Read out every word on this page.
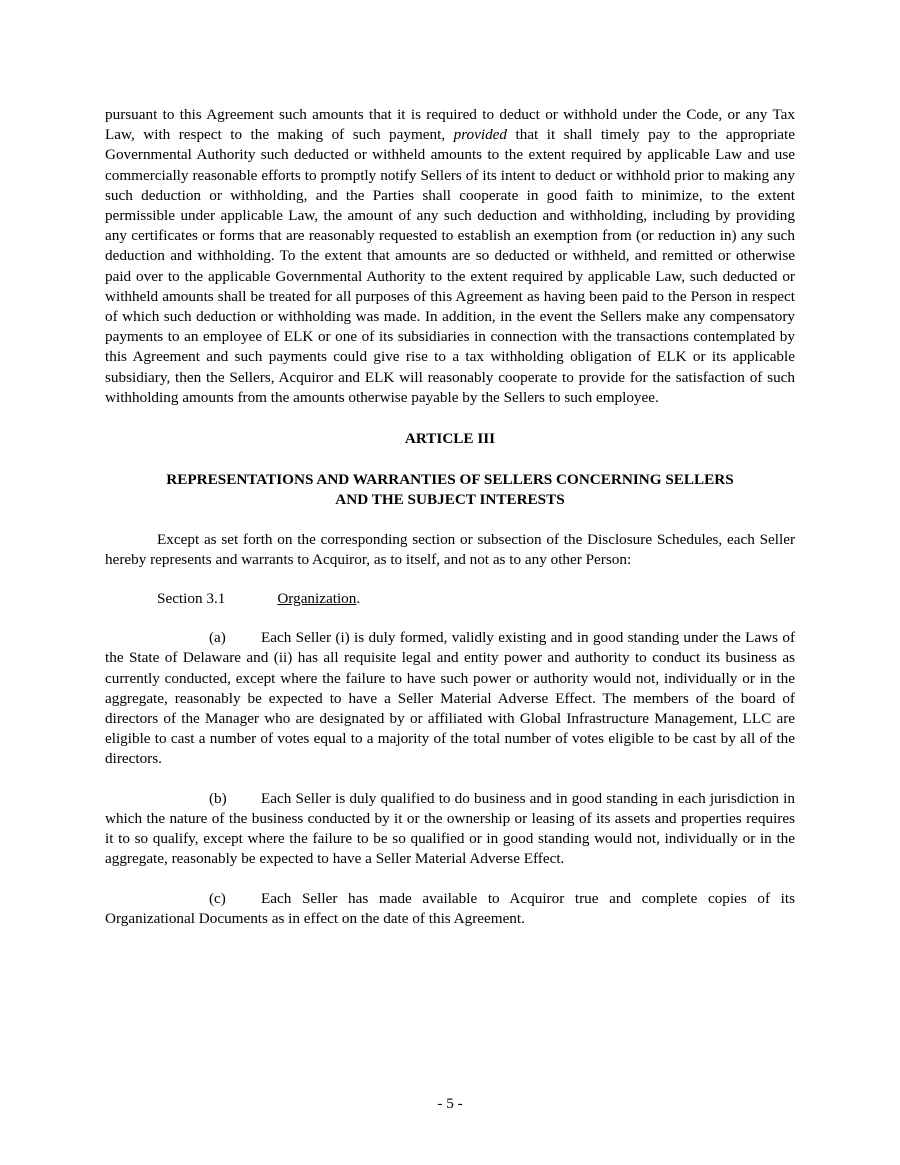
pursuant to this Agreement such amounts that it is required to deduct or withhold under the Code, or any Tax Law, with respect to the making of such payment, provided that it shall timely pay to the appropriate Governmental Authority such deducted or withheld amounts to the extent required by applicable Law and use commercially reasonable efforts to promptly notify Sellers of its intent to deduct or withhold prior to making any such deduction or withholding, and the Parties shall cooperate in good faith to minimize, to the extent permissible under applicable Law, the amount of any such deduction and withholding, including by providing any certificates or forms that are reasonably requested to establish an exemption from (or reduction in) any such deduction and withholding. To the extent that amounts are so deducted or withheld, and remitted or otherwise paid over to the applicable Governmental Authority to the extent required by applicable Law, such deducted or withheld amounts shall be treated for all purposes of this Agreement as having been paid to the Person in respect of which such deduction or withholding was made. In addition, in the event the Sellers make any compensatory payments to an employee of ELK or one of its subsidiaries in connection with the transactions contemplated by this Agreement and such payments could give rise to a tax withholding obligation of ELK or its applicable subsidiary, then the Sellers, Acquiror and ELK will reasonably cooperate to provide for the satisfaction of such withholding amounts from the amounts otherwise payable by the Sellers to such employee.

ARTICLE III

REPRESENTATIONS AND WARRANTIES OF SELLERS CONCERNING SELLERS
AND THE SUBJECT INTERESTS

Except as set forth on the corresponding section or subsection of the Disclosure Schedules, each Seller hereby represents and warrants to Acquiror, as to itself, and not as to any other Person:

Section 3.1	Organization.

(a) Each Seller (i) is duly formed, validly existing and in good standing under the Laws of the State of Delaware and (ii) has all requisite legal and entity power and authority to conduct its business as currently conducted, except where the failure to have such power or authority would not, individually or in the aggregate, reasonably be expected to have a Seller Material Adverse Effect. The members of the board of directors of the Manager who are designated by or affiliated with Global Infrastructure Management, LLC are eligible to cast a number of votes equal to a majority of the total number of votes eligible to be cast by all of the directors.

(b) Each Seller is duly qualified to do business and in good standing in each jurisdiction in which the nature of the business conducted by it or the ownership or leasing of its assets and properties requires it to so qualify, except where the failure to be so qualified or in good standing would not, individually or in the aggregate, reasonably be expected to have a Seller Material Adverse Effect.

(c) Each Seller has made available to Acquiror true and complete copies of its Organizational Documents as in effect on the date of this Agreement.

- 5 -
